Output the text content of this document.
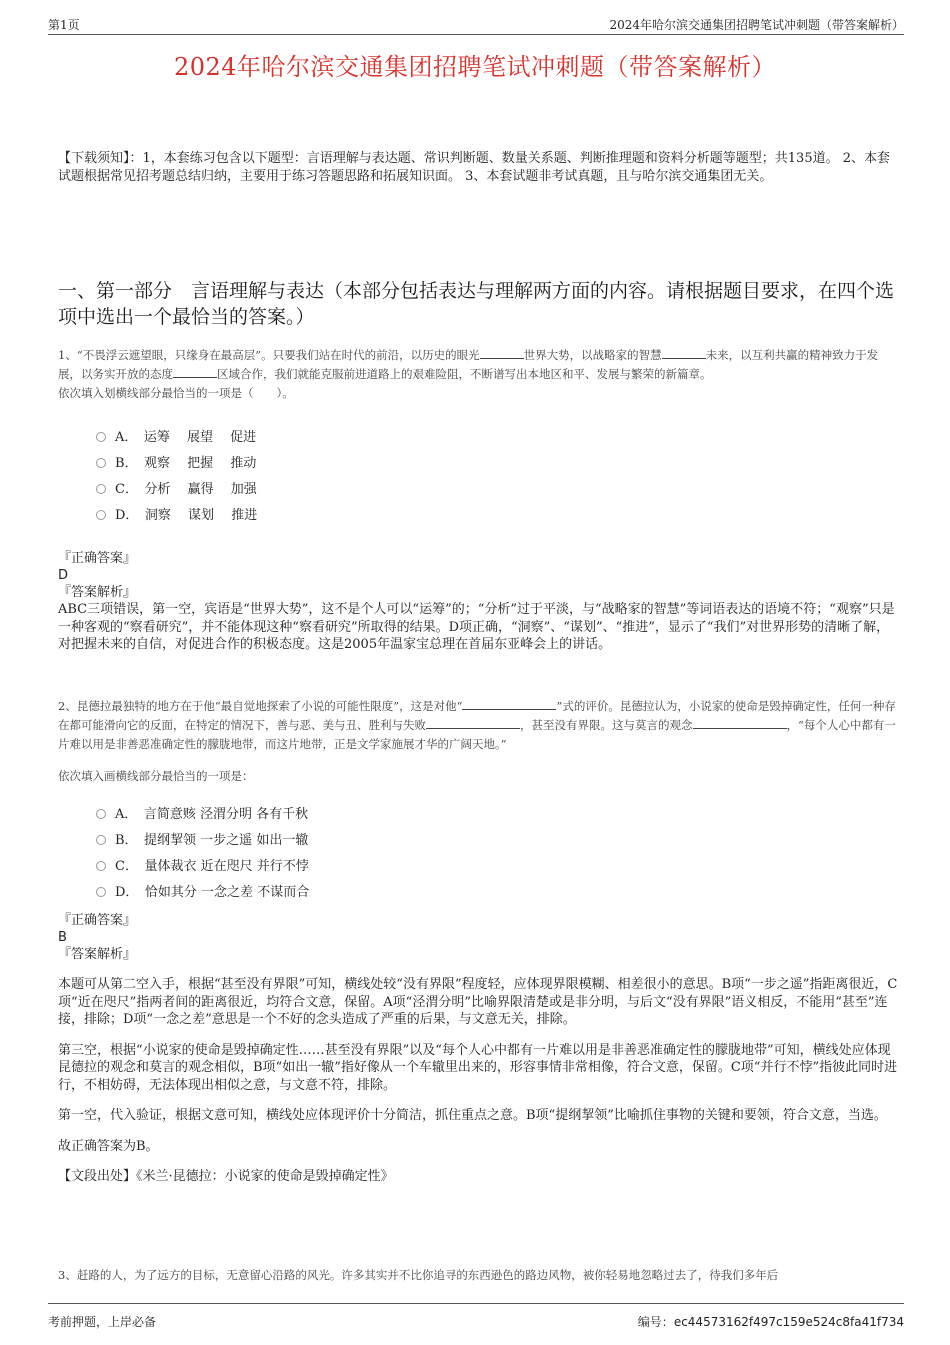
第1页	2024年哈尔滨交通集团招聘笔试冲刺题（带答案解析）
2024年哈尔滨交通集团招聘笔试冲刺题（带答案解析）
【下载须知】：1，本套练习包含以下题型：言语理解与表达题、常识判断题、数量关系题、判断推理题和资料分析题等题型；共135道。 2、本套试题根据常见招考题总结归纳，主要用于练习答题思路和拓展知识面。 3、本套试题非考试真题，且与哈尔滨交通集团无关。
一、第一部分　言语理解与表达（本部分包括表达与理解两方面的内容。请根据题目要求，在四个选项中选出一个最恰当的答案。）
1、“不畏浮云遮望眼，只缘身在最高层”。只要我们站在时代的前沿，以历史的眼光	世界大势，以战略家的智慧	未来，以互利共赢的精神致力于发展，以务实开放的态度	区域合作，我们就能克服前进道路上的艰难险阻，不断谱写出本地区和平、发展与繁荣的新篇章。
依次填入划横线部分最恰当的一项是（　　）。
A．　运筹　 展望　 促进
B．　观察　 把握　 推动
C．　分析　 赢得　 加强
D．　洞察　 谋划　 推进
『正确答案』
D
『答案解析』
ABC三项错误，第一空，宾语是“世界大势”，这不是个人可以“运筹”的；“分析”过于平淡，与“战略家的智慧”等词语表达的语境不符；“观察”只是一种客观的“察看研究”，并不能体现这种“察看研究”所取得的结果。D项正确，“洞察”、“谋划”、“推进”，显示了“我们”对世界形势的清晰了解，对把握未来的自信，对促进合作的积极态度。这是2005年温家宝总理在首届东亚峰会上的讲话。
2、昆德拉最独特的地方在于他“最自觉地探索了小说的可能性限度”，这是对他“	”式的评价。昆德拉认为，小说家的使命是毁掉确定性，任何一种存在都可能滑向它的反面，在特定的情况下，善与恶、美与丑、胜利与失败	，甚至没有界限。这与莫言的观念	，“每个人心中都有一片难以用是非善恶准确定性的朦胧地带，而这片地带，正是文学家施展才华的广阔天地。”
依次填入画横线部分最恰当的一项是：
A．　言简意赅 泾渭分明 各有千秋
B．　提纲挈领 一步之遥 如出一辙
C．　量体裁衣 近在咫尺 并行不悖
D．　恰如其分 一念之差 不谋而合
『正确答案』
B
『答案解析』
本题可从第二空入手，根据“甚至没有界限”可知，横线处较“没有界限”程度轻，应体现界限模糊、相差很小的意思。B项“一步之遥”指距离很近，C项“近在咫尺”指两者间的距离很近，均符合文意，保留。A项“泾渭分明”比喻界限清楚或是非分明，与后文“没有界限”语义相反，不能用“甚至”连接，排除；D项“一念之差”意思是一个不好的念头造成了严重的后果，与文意无关，排除。
第三空，根据“小说家的使命是毁掉确定性……甚至没有界限”以及“每个人心中都有一片难以用是非善恶准确定性的朦胧地带”可知，横线处应体现昆德拉的观念和莫言的观念相似，B项“如出一辙”指好像从一个车辙里出来的，形容事情非常相像，符合文意，保留。C项“并行不悖”指彼此同时进行，不相妨碍，无法体现出相似之意，与文意不符，排除。
第一空，代入验证，根据文意可知，横线处应体现评价十分简洁，抓住重点之意。B项“提纲挈领”比喻抓住事物的关键和要领，符合文意，当选。
故正确答案为B。
【文段出处】《米兰·昆德拉：小说家的使命是毁掉确定性》
3、赶路的人，为了远方的目标，无意留心沿路的风光。许多其实并不比你追寻的东西逊色的路边风物，被你轻易地忽略过去了，待我们多年后
考前押题，上岸必备	编号：ec44573162f497c159e524c8fa41f734
